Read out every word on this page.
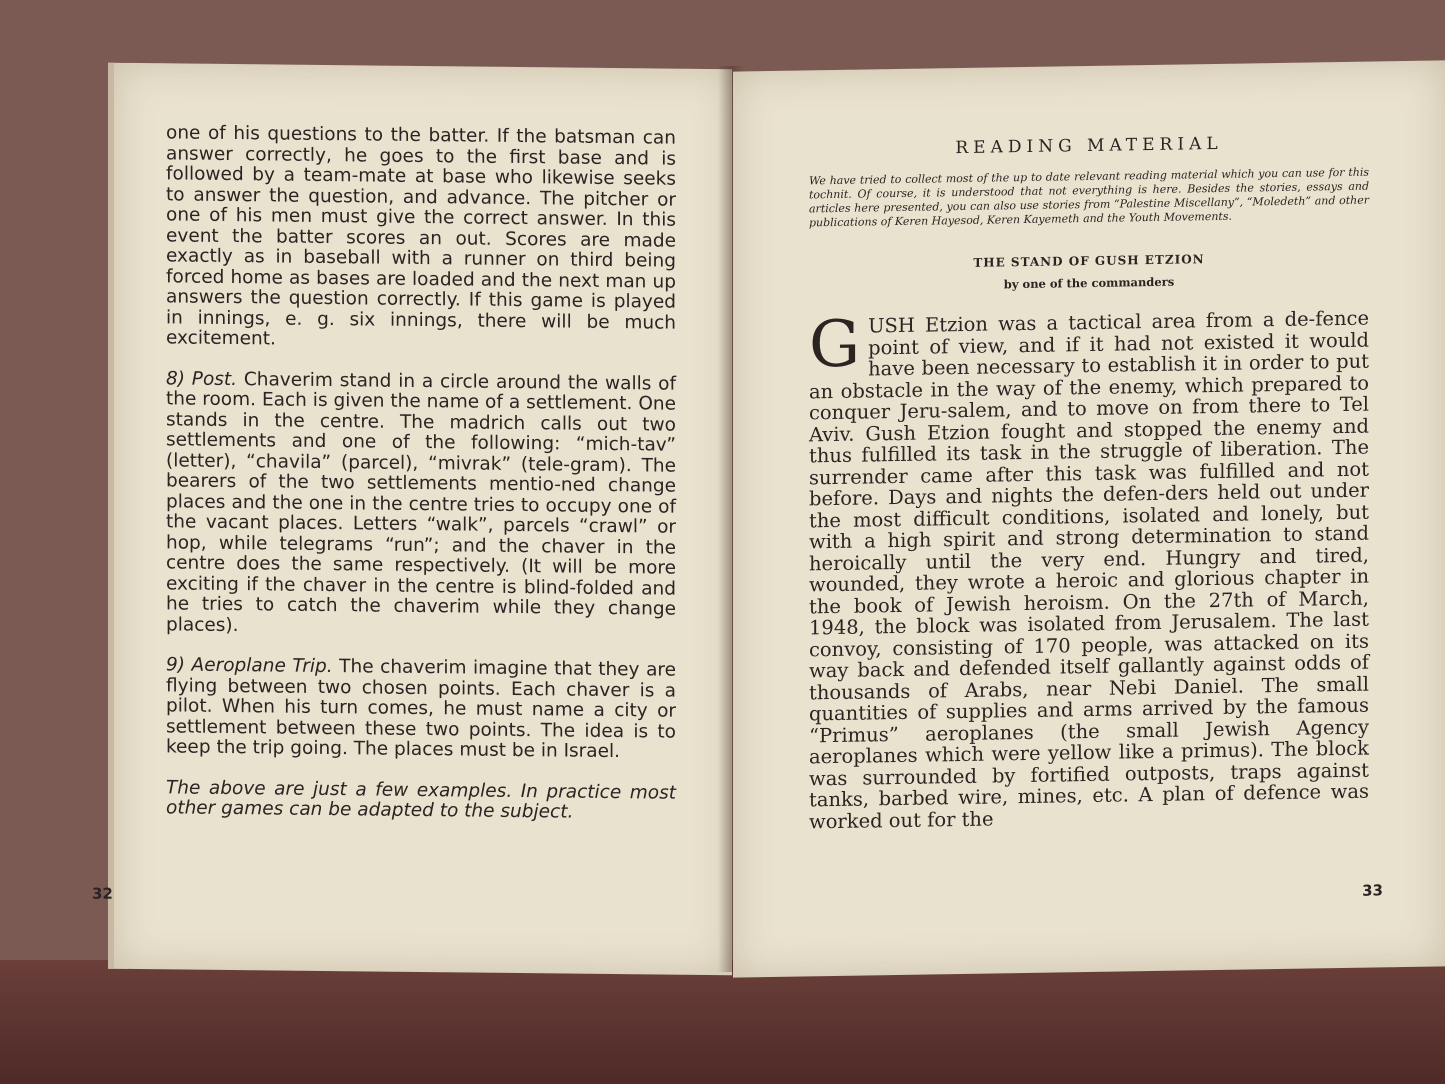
one of his questions to the batter. If the batsman can answer correctly, he goes to the first base and is followed by a team-mate at base who likewise seeks to answer the question, and advance. The pitcher or one of his men must give the correct answer. In this event the batter scores an out. Scores are made exactly as in baseball with a runner on third being forced home as bases are loaded and the next man up answers the question correctly. If this game is played in innings, e. g. six innings, there will be much excitement.

8) Post. Chaverim stand in a circle around the walls of the room. Each is given the name of a settlement. One stands in the centre. The madrich calls out two settlements and one of the following: “mich-tav” (letter), “chavila” (parcel), “mivrak” (tele-gram). The bearers of the two settlements mentio-ned change places and the one in the centre tries to occupy one of the vacant places. Letters “walk”, parcels “crawl” or hop, while telegrams “run”; and the chaver in the centre does the same respectively. (It will be more exciting if the chaver in the centre is blind-folded and he tries to catch the chaverim while they change places).

9) Aeroplane Trip. The chaverim imagine that they are flying between two chosen points. Each chaver is a pilot. When his turn comes, he must name a city or settlement between these two points. The idea is to keep the trip going. The places must be in Israel.

The above are just a few examples. In practice most other games can be adapted to the subject.

32
READING MATERIAL
We have tried to collect most of the up to date relevant reading material which you can use for this tochnit. Of course, it is understood that not everything is here. Besides the stories, essays and articles here presented, you can also use stories from “Palestine Miscellany”, “Moledeth” and other publications of Keren Hayesod, Keren Kayemeth and the Youth Movements.
THE STAND OF GUSH ETZION
by one of the commanders

GUSH Etzion was a tactical area from a de-fence point of view, and if it had not existed it would have been necessary to establish it in order to put an obstacle in the way of the enemy, which prepared to conquer Jeru-salem, and to move on from there to Tel Aviv. Gush Etzion fought and stopped the enemy and thus fulfilled its task in the struggle of liberation. The surrender came after this task was fulfilled and not before. Days and nights the defen-ders held out under the most difficult conditions, isolated and lonely, but with a high spirit and strong determination to stand heroically until the very end. Hungry and tired, wounded, they wrote a heroic and glorious chapter in the book of Jewish heroism. On the 27th of March, 1948, the block was isolated from Jerusalem. The last convoy, consisting of 170 people, was attacked on its way back and defended itself gallantly against odds of thousands of Arabs, near Nebi Daniel. The small quantities of supplies and arms arrived by the famous “Primus” aeroplanes (the small Jewish Agency aeroplanes which were yellow like a primus). The block was surrounded by fortified outposts, traps against tanks, barbed wire, mines, etc. A plan of defence was worked out for the

33
